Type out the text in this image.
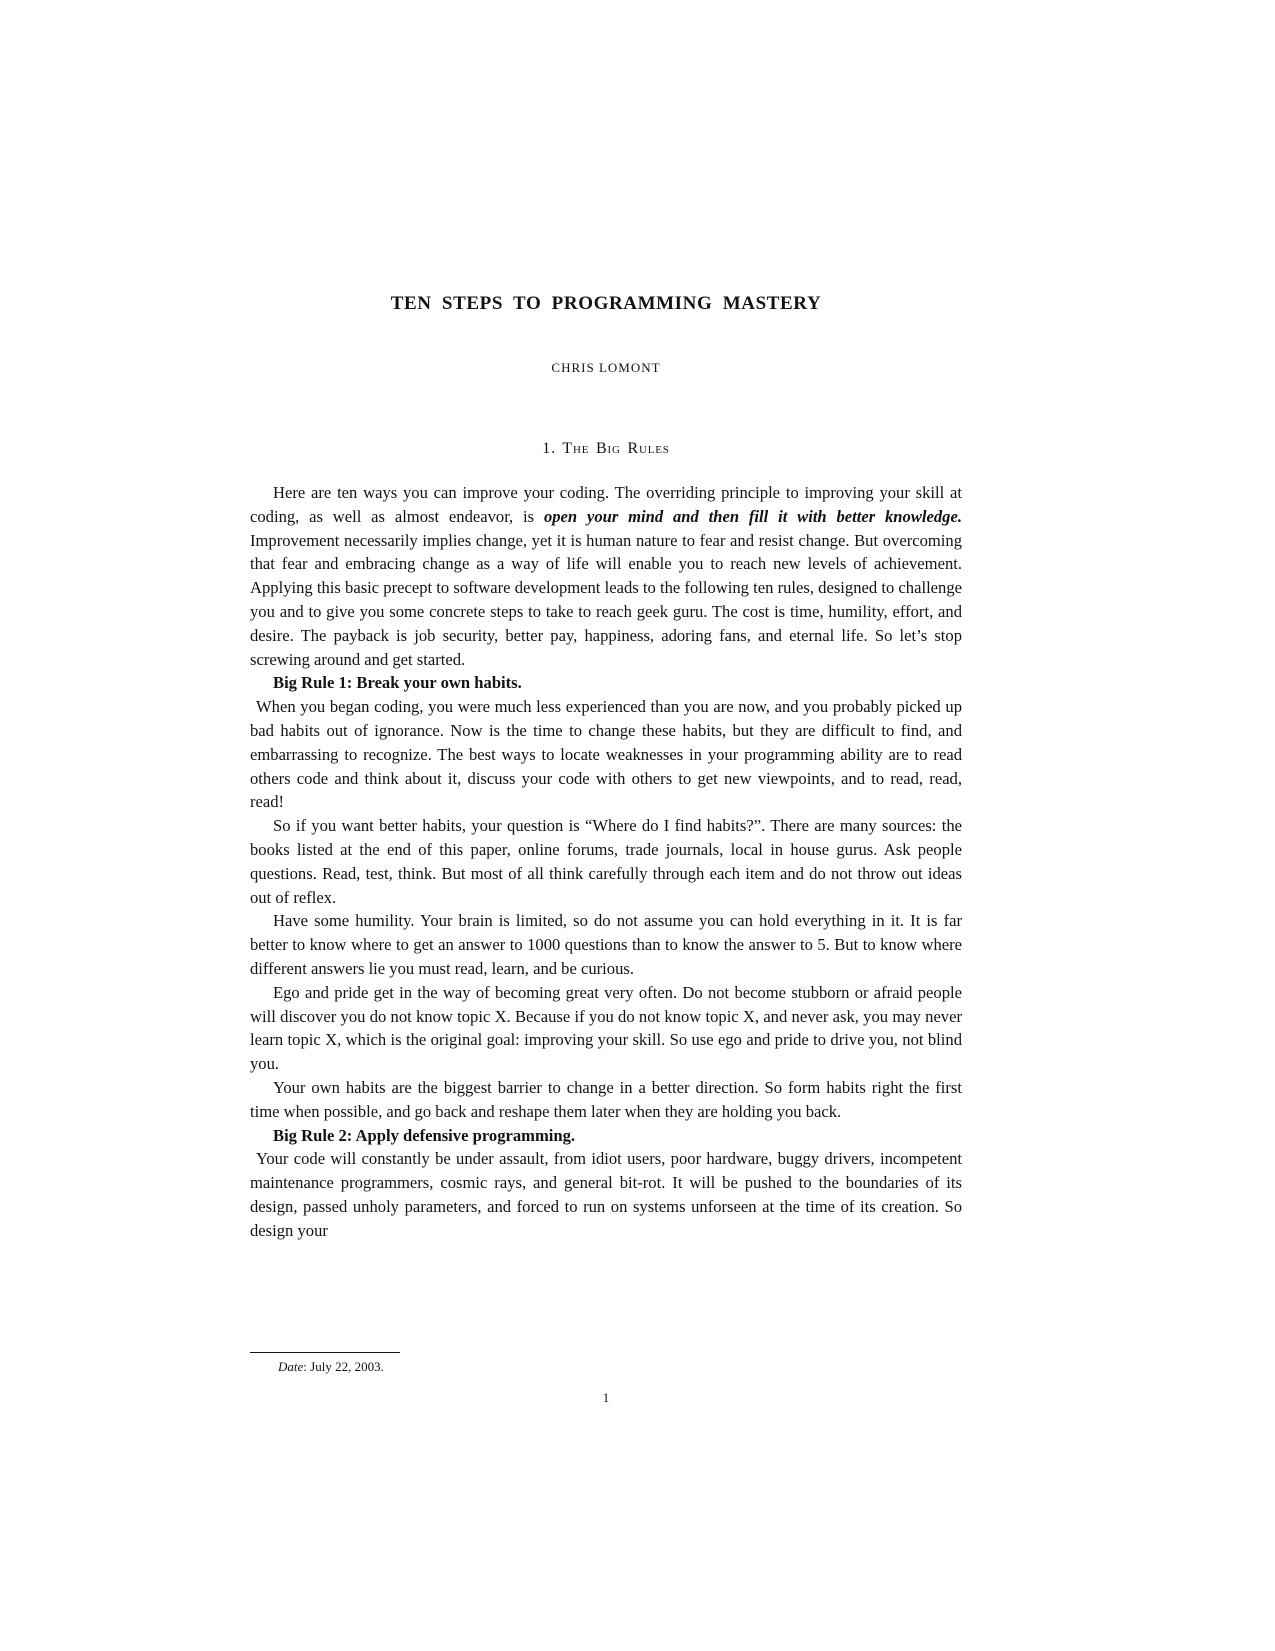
TEN STEPS TO PROGRAMMING MASTERY
CHRIS LOMONT
1. The Big Rules

Here are ten ways you can improve your coding. The overriding principle to improving your skill at coding, as well as almost endeavor, is open your mind and then fill it with better knowledge. Improvement necessarily implies change, yet it is human nature to fear and resist change. But overcoming that fear and embracing change as a way of life will enable you to reach new levels of achievement. Applying this basic precept to software development leads to the following ten rules, designed to challenge you and to give you some concrete steps to take to reach geek guru. The cost is time, humility, effort, and desire. The payback is job security, better pay, happiness, adoring fans, and eternal life. So let’s stop screwing around and get started.

Big Rule 1: Break your own habits.

When you began coding, you were much less experienced than you are now, and you probably picked up bad habits out of ignorance. Now is the time to change these habits, but they are difficult to find, and embarrassing to recognize. The best ways to locate weaknesses in your programming ability are to read others code and think about it, discuss your code with others to get new viewpoints, and to read, read, read!

So if you want better habits, your question is “Where do I find habits?”. There are many sources: the books listed at the end of this paper, online forums, trade journals, local in house gurus. Ask people questions. Read, test, think. But most of all think carefully through each item and do not throw out ideas out of reflex.

Have some humility. Your brain is limited, so do not assume you can hold everything in it. It is far better to know where to get an answer to 1000 questions than to know the answer to 5. But to know where different answers lie you must read, learn, and be curious.

Ego and pride get in the way of becoming great very often. Do not become stubborn or afraid people will discover you do not know topic X. Because if you do not know topic X, and never ask, you may never learn topic X, which is the original goal: improving your skill. So use ego and pride to drive you, not blind you.

Your own habits are the biggest barrier to change in a better direction. So form habits right the first time when possible, and go back and reshape them later when they are holding you back.

Big Rule 2: Apply defensive programming.

Your code will constantly be under assault, from idiot users, poor hardware, buggy drivers, incompetent maintenance programmers, cosmic rays, and general bit-rot. It will be pushed to the boundaries of its design, passed unholy parameters, and forced to run on systems unforseen at the time of its creation. So design your

Date: July 22, 2003.
1
